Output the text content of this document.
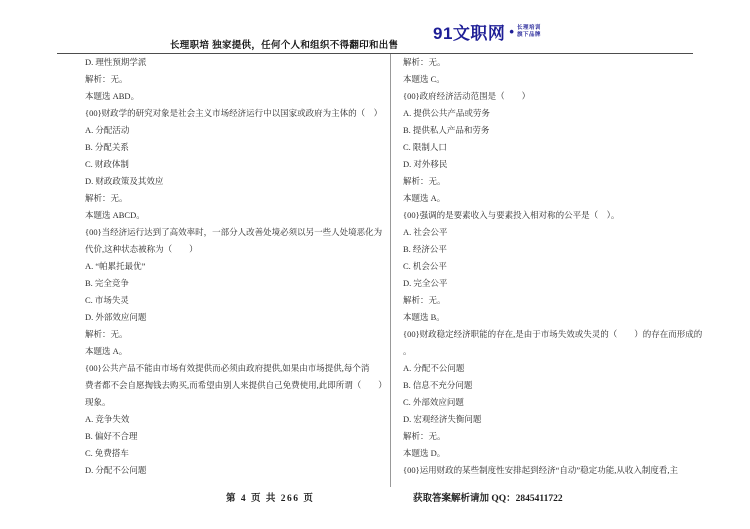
长理职培 独家提供，任何个人和组织不得翻印和出售
91文职网 • 长理培训
旗下品牌
D. 理性预期学派
解析：无。
本题选 ABD。
{00}财政学的研究对象是社会主义市场经济运行中以国家或政府为主体的（　）
A. 分配活动
B. 分配关系
C. 财政体制
D. 财政政策及其效应
解析：无。
本题选 ABCD。
{00}当经济运行达到了高效率时，一部分人改善处境必须以另一些人处境恶化为
代价,这种状态被称为（　　）
A. “帕累托最优”
B. 完全竞争
C. 市场失灵
D. 外部效应问题
解析：无。
本题选 A。
{00}公共产品不能由市场有效提供而必须由政府提供,如果由市场提供,每个消
费者都不会自愿掏钱去购买,而希望由别人来提供自己免费使用,此即所谓（　　）
现象。
A. 竞争失效
B. 偏好不合理
C. 免费搭车
D. 分配不公问题
解析：无。
本题选 C。
{00}政府经济活动范围是（　　）
A. 提供公共产品或劳务
B. 提供私人产品和劳务
C. 限制人口
D. 对外移民
解析：无。
本题选 A。
{00}强调的是要素收入与要素投入相对称的公平是（　）。
A. 社会公平
B. 经济公平
C. 机会公平
D. 完全公平
解析：无。
本题选 B。
{00}财政稳定经济职能的存在,是由于市场失效或失灵的（　　）的存在而形成的
。
A. 分配不公问题
B. 信息不充分问题
C. 外部效应问题
D. 宏观经济失衡问题
解析：无。
本题选 D。
{00}运用财政的某些制度性安排起到经济“自动”稳定功能,从收入制度看,主
第 4 页 共 266 页	获取答案解析请加 QQ：2845411722
